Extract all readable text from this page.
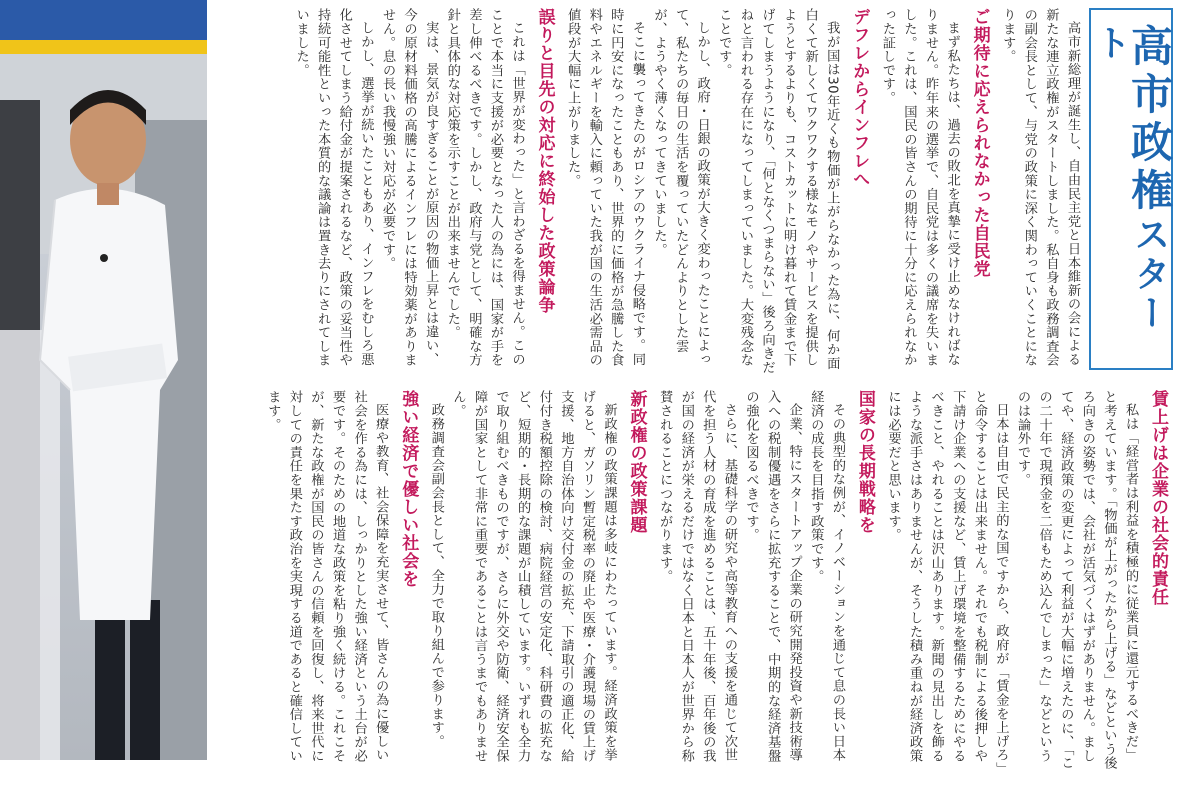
高市政権スタート

高市新総理が誕生し、自由民主党と日本維新の会による新たな連立政権がスタートしました。私自身も政務調査会の副会長として、与党の政策に深く関わっていくことになります。

ご期待に応えられなかった自民党

まず私たちは、過去の敗北を真摯に受け止めなければなりません。昨年来の選挙で、自民党は多くの議席を失いました。これは、国民の皆さんの期待に十分に応えられなかった証しです。

デフレからインフレへ

我が国は30年近くも物価が上がらなかった為に、何か面白くて新しくてワクワクする様なモノやサービスを提供しようとするよりも、コストカットに明け暮れて賃金まで下げてしまうようになり、「何となくつまらない」後ろ向きだねと言われる存在になってしまっていました。大変残念なことです。

しかし、政府・日銀の政策が大きく変わったことによって、私たちの毎日の生活を覆っていたどんよりとした雲が、ようやく薄くなってきていました。

そこに襲ってきたのがロシアのウクライナ侵略です。同時に円安になったこともあり、世界的に価格が急騰した食料やエネルギーを輸入に頼っていた我が国の生活必需品の値段が大幅に上がりました。

誤りと目先の対応に終始した政策論争

これは「世界が変わった」と言わざるを得ません。このことで本当に支援が必要となった人の為には、国家が手を差し伸べるべきです。しかし、政府与党として、明確な方針と具体的な対応策を示すことが出来ませんでした。

実は、景気が良すぎることが原因の物価上昇とは違い、今の原材料価格の高騰によるインフレには特効薬がありません。息の長い我慢強い対応が必要です。

しかし、選挙が続いたこともあり、インフレをむしろ悪化させてしまう給付金が提案されるなど、政策の妥当性や持続可能性といった本質的な議論は置き去りにされてしまいました。

賃上げは企業の社会的責任

私は「経営者は利益を積極的に従業員に還元するべきだ」と考えています。「物価が上がったから上げる」などという後ろ向きの姿勢では、会社が活気づくはずがありません。ましてや、経済政策の変更によって利益が大幅に増えたのに、「この二十年で現預金を二倍もため込んでしまった」などというのは論外です。

日本は自由で民主的な国ですから、政府が「賃金を上げろ」と命令することは出来ません。それでも税制による後押しや下請け企業への支援など、賃上げ環境を整備するためにやるべきこと、やれることは沢山あります。新聞の見出しを飾るような派手さはありませんが、そうした積み重ねが経済政策には必要だと思います。

国家の長期戦略を

その典型的な例が、イノベーションを通じて息の長い日本経済の成長を目指す政策です。

企業、特にスタートアップ企業の研究開発投資や新技術導入への税制優遇をさらに拡充することで、中期的な経済基盤の強化を図るべきです。

さらに、基礎科学の研究や高等教育への支援を通じて次世代を担う人材の育成を進めることは、五十年後、百年後の我が国の経済が栄えるだけではなく日本と日本人が世界から称賛されることにつながります。

新政権の政策課題

新政権の政策課題は多岐にわたっています。経済政策を挙げると、ガソリン暫定税率の廃止や医療・介護現場の賃上げ支援、地方自治体向け交付金の拡充、下請取引の適正化、給付付き税額控除の検討、病院経営の安定化、科研費の拡充など、短期的・長期的な課題が山積しています。いずれも全力で取り組むべきものですが、さらに外交や防衛、経済安全保障が国家として非常に重要であることは言うまでもありません。

政務調査会副会長として、全力で取り組んで参ります。

強い経済で優しい社会を

医療や教育、社会保障を充実させて、皆さんの為に優しい社会を作る為には、しっかりとした強い経済という土台が必要です。そのための地道な政策を粘り強く続ける。これこそが、新たな政権が国民の皆さんの信頼を回復し、将来世代に対しての責任を果たす政治を実現する道であると確信しています。
